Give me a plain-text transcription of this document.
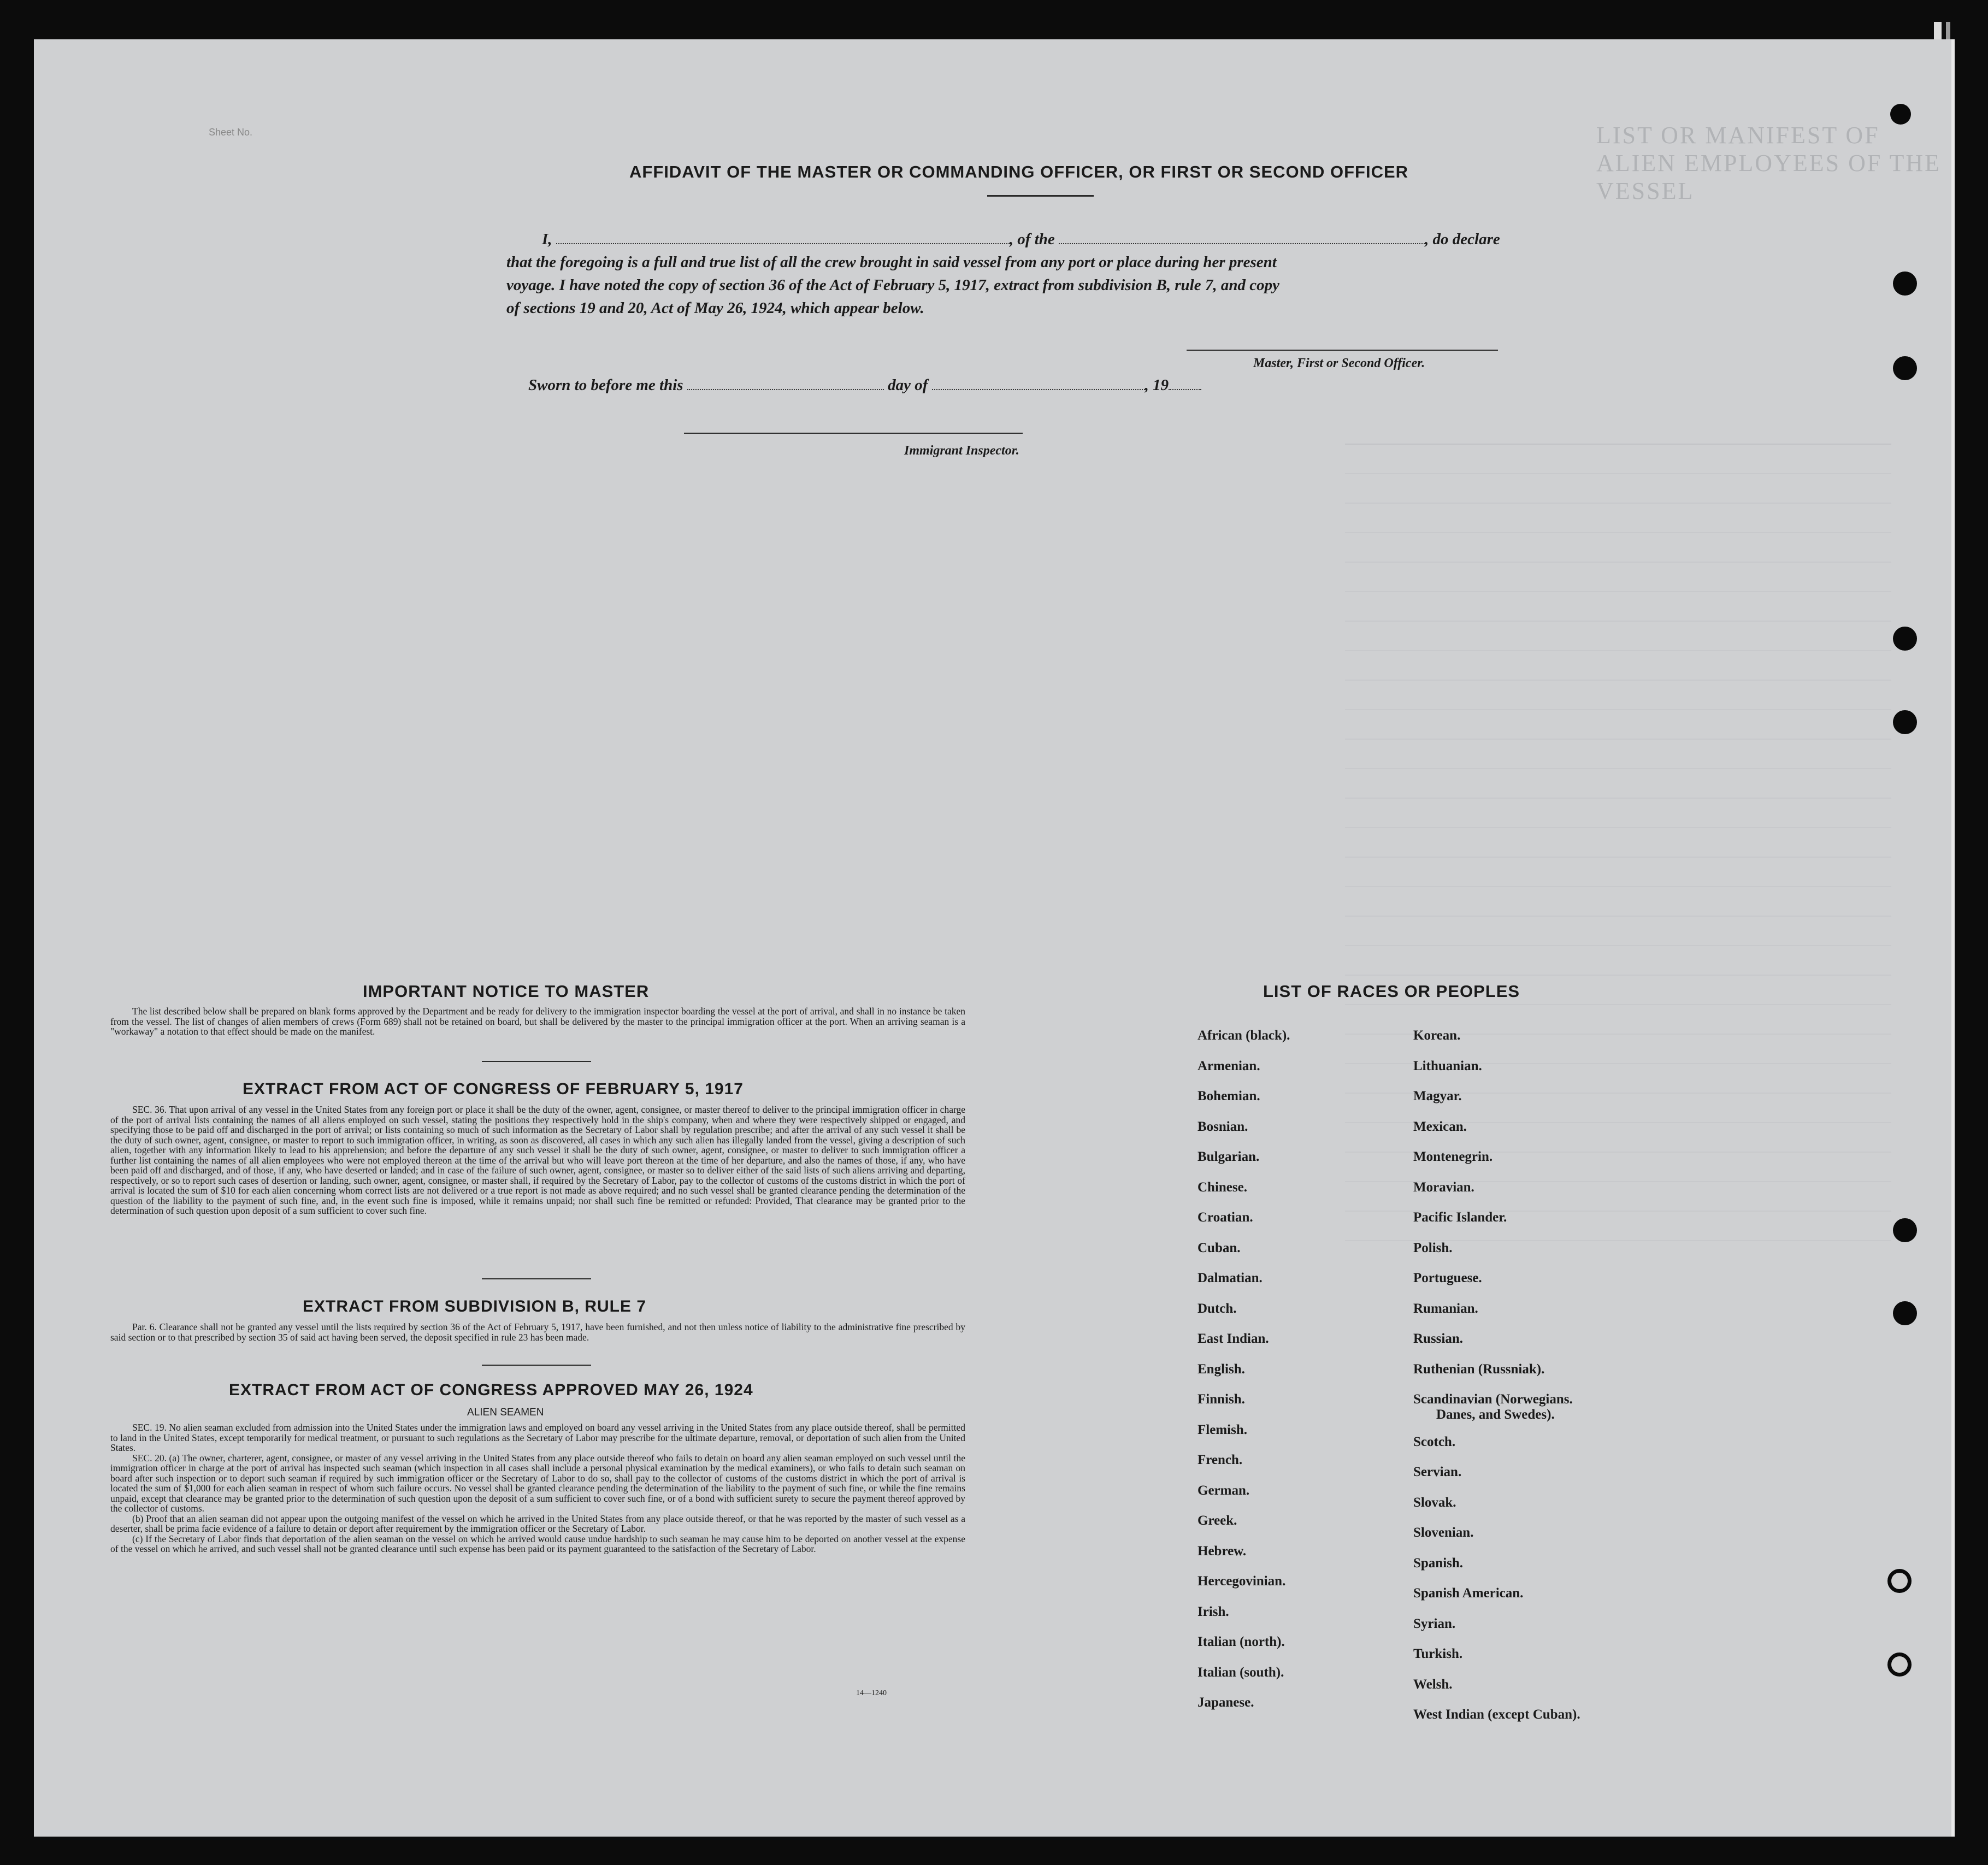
LIST OR MANIFEST OF ALIEN EMPLOYEES OF THE VESSEL
Sheet No.
AFFIDAVIT OF THE MASTER OR COMMANDING OFFICER, OR FIRST OR SECOND OFFICER
I,	, of the	, do declare
that the foregoing is a full and true list of all the crew brought in said vessel from any port or place during her present
voyage. I have noted the copy of section 36 of the Act of February 5, 1917, extract from subdivision B, rule 7, and copy
of sections 19 and 20, Act of May 26, 1924, which appear below.
Master, First or Second Officer.
Sworn to before me this	day of	, 19
Immigrant Inspector.
IMPORTANT NOTICE TO MASTER

The list described below shall be prepared on blank forms approved by the Department and be ready for delivery to the immigration inspector boarding the vessel at the port of arrival, and shall in no instance be taken from the vessel. The list of changes of alien members of crews (Form 689) shall not be retained on board, but shall be delivered by the master to the principal immigration officer at the port. When an arriving seaman is a "workaway" a notation to that effect should be made on the manifest.

EXTRACT FROM ACT OF CONGRESS OF FEBRUARY 5, 1917

SEC. 36. That upon arrival of any vessel in the United States from any foreign port or place it shall be the duty of the owner, agent, consignee, or master thereof to deliver to the principal immigration officer in charge of the port of arrival lists containing the names of all aliens employed on such vessel, stating the positions they respectively hold in the ship's company, when and where they were respectively shipped or engaged, and specifying those to be paid off and discharged in the port of arrival; or lists containing so much of such information as the Secretary of Labor shall by regulation prescribe; and after the arrival of any such vessel it shall be the duty of such owner, agent, consignee, or master to report to such immigration officer, in writing, as soon as discovered, all cases in which any such alien has illegally landed from the vessel, giving a description of such alien, together with any information likely to lead to his apprehension; and before the departure of any such vessel it shall be the duty of such owner, agent, consignee, or master to deliver to such immigration officer a further list containing the names of all alien employees who were not employed thereon at the time of the arrival but who will leave port thereon at the time of her departure, and also the names of those, if any, who have been paid off and discharged, and of those, if any, who have deserted or landed; and in case of the failure of such owner, agent, consignee, or master so to deliver either of the said lists of such aliens arriving and departing, respectively, or so to report such cases of desertion or landing, such owner, agent, consignee, or master shall, if required by the Secretary of Labor, pay to the collector of customs of the customs district in which the port of arrival is located the sum of $10 for each alien concerning whom correct lists are not delivered or a true report is not made as above required; and no such vessel shall be granted clearance pending the determination of the question of the liability to the payment of such fine, and, in the event such fine is imposed, while it remains unpaid; nor shall such fine be remitted or refunded: Provided, That clearance may be granted prior to the determination of such question upon deposit of a sum sufficient to cover such fine.

EXTRACT FROM SUBDIVISION B, RULE 7

Par. 6. Clearance shall not be granted any vessel until the lists required by section 36 of the Act of February 5, 1917, have been furnished, and not then unless notice of liability to the administrative fine prescribed by said section or to that prescribed by section 35 of said act having been served, the deposit specified in rule 23 has been made.

EXTRACT FROM ACT OF CONGRESS APPROVED MAY 26, 1924
ALIEN SEAMEN

SEC. 19. No alien seaman excluded from admission into the United States under the immigration laws and employed on board any vessel arriving in the United States from any place outside thereof, shall be permitted to land in the United States, except temporarily for medical treatment, or pursuant to such regulations as the Secretary of Labor may prescribe for the ultimate departure, removal, or deportation of such alien from the United States.

SEC. 20. (a) The owner, charterer, agent, consignee, or master of any vessel arriving in the United States from any place outside thereof who fails to detain on board any alien seaman employed on such vessel until the immigration officer in charge at the port of arrival has inspected such seaman (which inspection in all cases shall include a personal physical examination by the medical examiners), or who fails to detain such seaman on board after such inspection or to deport such seaman if required by such immigration officer or the Secretary of Labor to do so, shall pay to the collector of customs of the customs district in which the port of arrival is located the sum of $1,000 for each alien seaman in respect of whom such failure occurs. No vessel shall be granted clearance pending the determination of the liability to the payment of such fine, or while the fine remains unpaid, except that clearance may be granted prior to the determination of such question upon the deposit of a sum sufficient to cover such fine, or of a bond with sufficient surety to secure the payment thereof approved by the collector of customs.

(b) Proof that an alien seaman did not appear upon the outgoing manifest of the vessel on which he arrived in the United States from any place outside thereof, or that he was reported by the master of such vessel as a deserter, shall be prima facie evidence of a failure to detain or deport after requirement by the immigration officer or the Secretary of Labor.

(c) If the Secretary of Labor finds that deportation of the alien seaman on the vessel on which he arrived would cause undue hardship to such seaman he may cause him to be deported on another vessel at the expense of the vessel on which he arrived, and such vessel shall not be granted clearance until such expense has been paid or its payment guaranteed to the satisfaction of the Secretary of Labor.

14—1240
LIST OF RACES OR PEOPLES
African (black).
Armenian.
Bohemian.
Bosnian.
Bulgarian.
Chinese.
Croatian.
Cuban.
Dalmatian.
Dutch.
East Indian.
English.
Finnish.
Flemish.
French.
German.
Greek.
Hebrew.
Hercegovinian.
Irish.
Italian (north).
Italian (south).
Japanese.
Korean.
Lithuanian.
Magyar.
Mexican.
Montenegrin.
Moravian.
Pacific Islander.
Polish.
Portuguese.
Rumanian.
Russian.
Ruthenian (Russniak).
Scandinavian (Norwegians.
Danes, and Swedes).
Scotch.
Servian.
Slovak.
Slovenian.
Spanish.
Spanish American.
Syrian.
Turkish.
Welsh.
West Indian (except Cuban).
